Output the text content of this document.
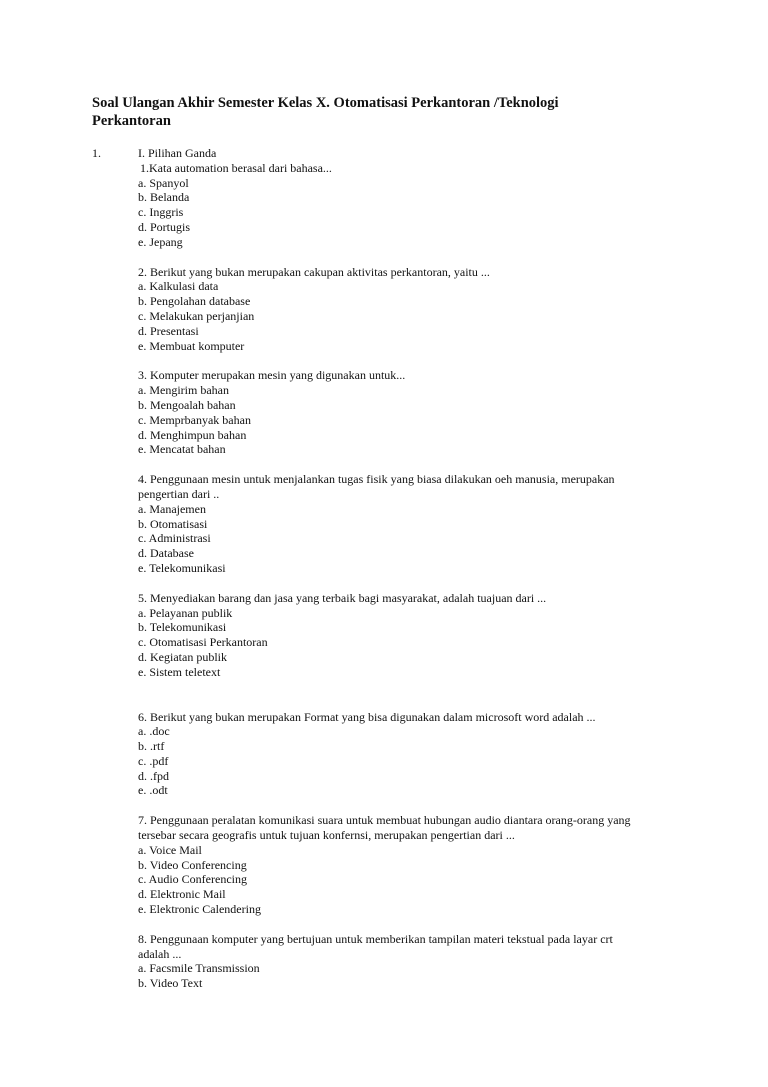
Soal Ulangan Akhir Semester Kelas X. Otomatisasi Perkantoran /Teknologi
Perkantoran
1.	I. Pilihan Ganda
1.Kata automation berasal dari bahasa...
a. Spanyol
b. Belanda
c. Inggris
d. Portugis
e. Jepang
2. Berikut yang bukan merupakan cakupan aktivitas perkantoran, yaitu ...
a. Kalkulasi data
b. Pengolahan database
c. Melakukan perjanjian
d. Presentasi
e. Membuat komputer
3. Komputer merupakan mesin yang digunakan untuk...
a. Mengirim bahan
b. Mengoalah bahan
c. Memprbanyak bahan
d. Menghimpun bahan
e. Mencatat bahan
4. Penggunaan mesin untuk menjalankan tugas fisik yang biasa dilakukan oeh manusia, merupakan
pengertian dari ..
a. Manajemen
b. Otomatisasi
c. Administrasi
d. Database
e. Telekomunikasi
5. Menyediakan barang dan jasa yang terbaik bagi masyarakat, adalah tuajuan dari ...
a. Pelayanan publik
b. Telekomunikasi
c. Otomatisasi Perkantoran
d. Kegiatan publik
e. Sistem teletext
6. Berikut yang bukan merupakan Format yang bisa digunakan dalam microsoft word adalah ...
a. .doc
b. .rtf
c. .pdf
d. .fpd
e. .odt
7. Penggunaan peralatan komunikasi suara untuk membuat hubungan audio diantara orang-orang yang
tersebar secara geografis untuk tujuan konfernsi, merupakan pengertian dari ...
a. Voice Mail
b. Video Conferencing
c. Audio Conferencing
d. Elektronic Mail
e. Elektronic Calendering
8. Penggunaan komputer yang bertujuan untuk memberikan tampilan materi tekstual pada layar crt
adalah ...
a. Facsmile Transmission
b. Video Text
